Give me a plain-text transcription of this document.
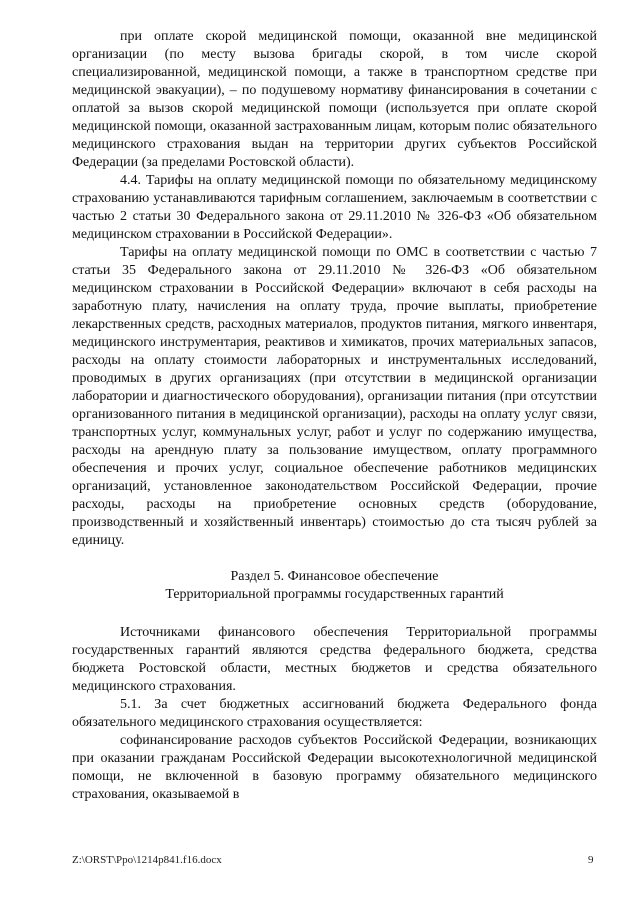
при оплате скорой медицинской помощи, оказанной вне медицинской организации (по месту вызова бригады скорой, в том числе скорой специализированной, медицинской помощи, а также в транспортном средстве при медицинской эвакуации), – по подушевому нормативу финансирования в сочетании с оплатой за вызов скорой медицинской помощи (используется при оплате скорой медицинской помощи, оказанной застрахованным лицам, которым полис обязательного медицинского страхования выдан на территории других субъектов Российской Федерации (за пределами Ростовской области).

4.4. Тарифы на оплату медицинской помощи по обязательному медицинскому страхованию устанавливаются тарифным соглашением, заключаемым в соответствии с частью 2 статьи 30 Федерального закона от 29.11.2010 № 326-ФЗ «Об обязательном медицинском страховании в Российской Федерации».

Тарифы на оплату медицинской помощи по ОМС в соответствии с частью 7 статьи 35 Федерального закона от 29.11.2010 № 326-ФЗ «Об обязательном медицинском страховании в Российской Федерации» включают в себя расходы на заработную плату, начисления на оплату труда, прочие выплаты, приобретение лекарственных средств, расходных материалов, продуктов питания, мягкого инвентаря, медицинского инструментария, реактивов и химикатов, прочих материальных запасов, расходы на оплату стоимости лабораторных и инструментальных исследований, проводимых в других организациях (при отсутствии в медицинской организации лаборатории и диагностического оборудования), организации питания (при отсутствии организованного питания в медицинской организации), расходы на оплату услуг связи, транспортных услуг, коммунальных услуг, работ и услуг по содержанию имущества, расходы на арендную плату за пользование имуществом, оплату программного обеспечения и прочих услуг, социальное обеспечение работников медицинских организаций, установленное законодательством Российской Федерации, прочие расходы, расходы на приобретение основных средств (оборудование, производственный и хозяйственный инвентарь) стоимостью до ста тысяч рублей за единицу.

Раздел 5. Финансовое обеспечение

Территориальной программы государственных гарантий

Источниками финансового обеспечения Территориальной программы государственных гарантий являются средства федерального бюджета, средства бюджета Ростовской области, местных бюджетов и средства обязательного медицинского страхования.

5.1. За счет бюджетных ассигнований бюджета Федерального фонда обязательного медицинского страхования осуществляется:

софинансирование расходов субъектов Российской Федерации, возникающих при оказании гражданам Российской Федерации высокотехнологичной медицинской помощи, не включенной в базовую программу обязательного медицинского страхования, оказываемой в

Z:\ORST\Ppo\1214p841.f16.docx	9
